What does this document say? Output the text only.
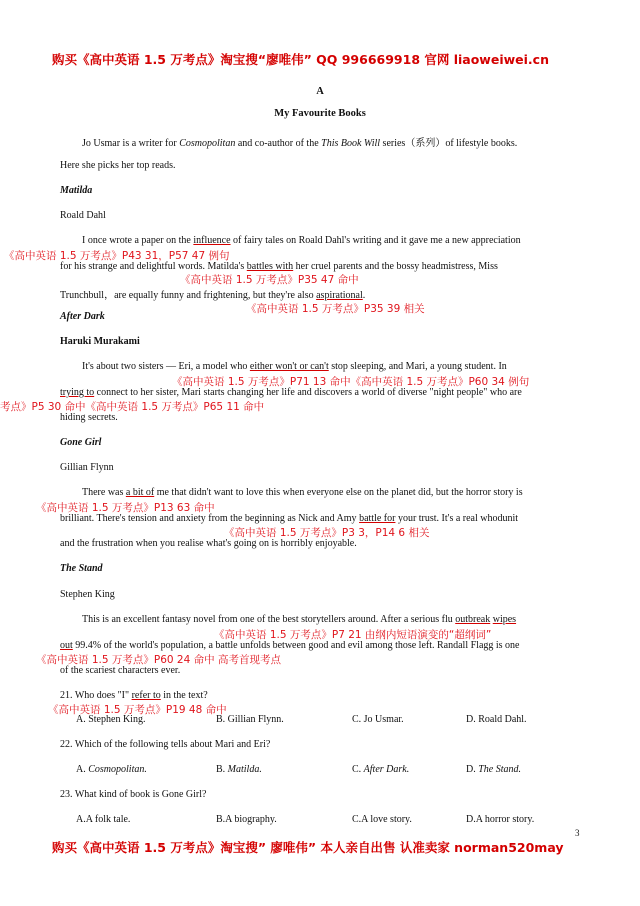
购买《高中英语 1.5 万考点》淘宝搜“廖唯伟” QQ 996669918 官网 liaoweiwei.cn
A
My Favourite Books
Jo Usmar is a writer for Cosmopolitan and co-author of the This Book Will series（系列）of lifestyle books.
Here she picks her top reads.
Matilda
Roald Dahl
I once wrote a paper on the influence of fairy tales on Roald Dahl's writing and it gave me a new appreciation
《高中英语 1.5 万考点》P43 31，P57 47 例句
for his strange and delightful words. Matilda's battles with her cruel parents and the bossy headmistress, Miss
《高中英语 1.5 万考点》P35 47 命中
Trunchbull，are equally funny and frightening, but they're also aspirational.
《高中英语 1.5 万考点》P35 39 相关
After Dark
Haruki Murakami
It's about two sisters — Eri, a model who either won't or can't stop sleeping, and Mari, a young student. In
《高中英语 1.5 万考点》P71 13 命中《高中英语 1.5 万考点》P60 34 例句
trying to connect to her sister, Mari starts changing her life and discovers a world of diverse "night people" who are
考点》P5 30 命中《高中英语 1.5 万考点》P65 11 命中
hiding secrets.
Gone Girl
Gillian Flynn
There was a bit of me that didn't want to love this when everyone else on the planet did, but the horror story is
《高中英语 1.5 万考点》P13 63 命中
brilliant. There's tension and anxiety from the beginning as Nick and Amy battle for your trust. It's a real whodunit
《高中英语 1.5 万考点》P3 3，P14 6 相关
and the frustration when you realise what's going on is horribly enjoyable.
The Stand
Stephen King
This is an excellent fantasy novel from one of the best storytellers around. After a serious flu outbreak wipes
《高中英语 1.5 万考点》P7 21 由纲内短语演变的“超纲词”
out 99.4% of the world's population, a battle unfolds between good and evil among those left. Randall Flagg is one
《高中英语 1.5 万考点》P60 24 命中 高考首现考点
of the scariest characters ever.
21. Who does "I" refer to in the text?
《高中英语 1.5 万考点》P19 48 命中
A. Stephen King.	B. Gillian Flynn.	C. Jo Usmar.	D. Roald Dahl.
22. Which of the following tells about Mari and Eri?
A. Cosmopolitan.	B. Matilda.	C. After Dark.	D. The Stand.
23. What kind of book is Gone Girl?
A.A folk tale.	B.A biography.	C.A love story.	D.A horror story.
3
购买《高中英语 1.5 万考点》淘宝搜” 廖唯伟” 本人亲自出售 认准卖家 norman520may
